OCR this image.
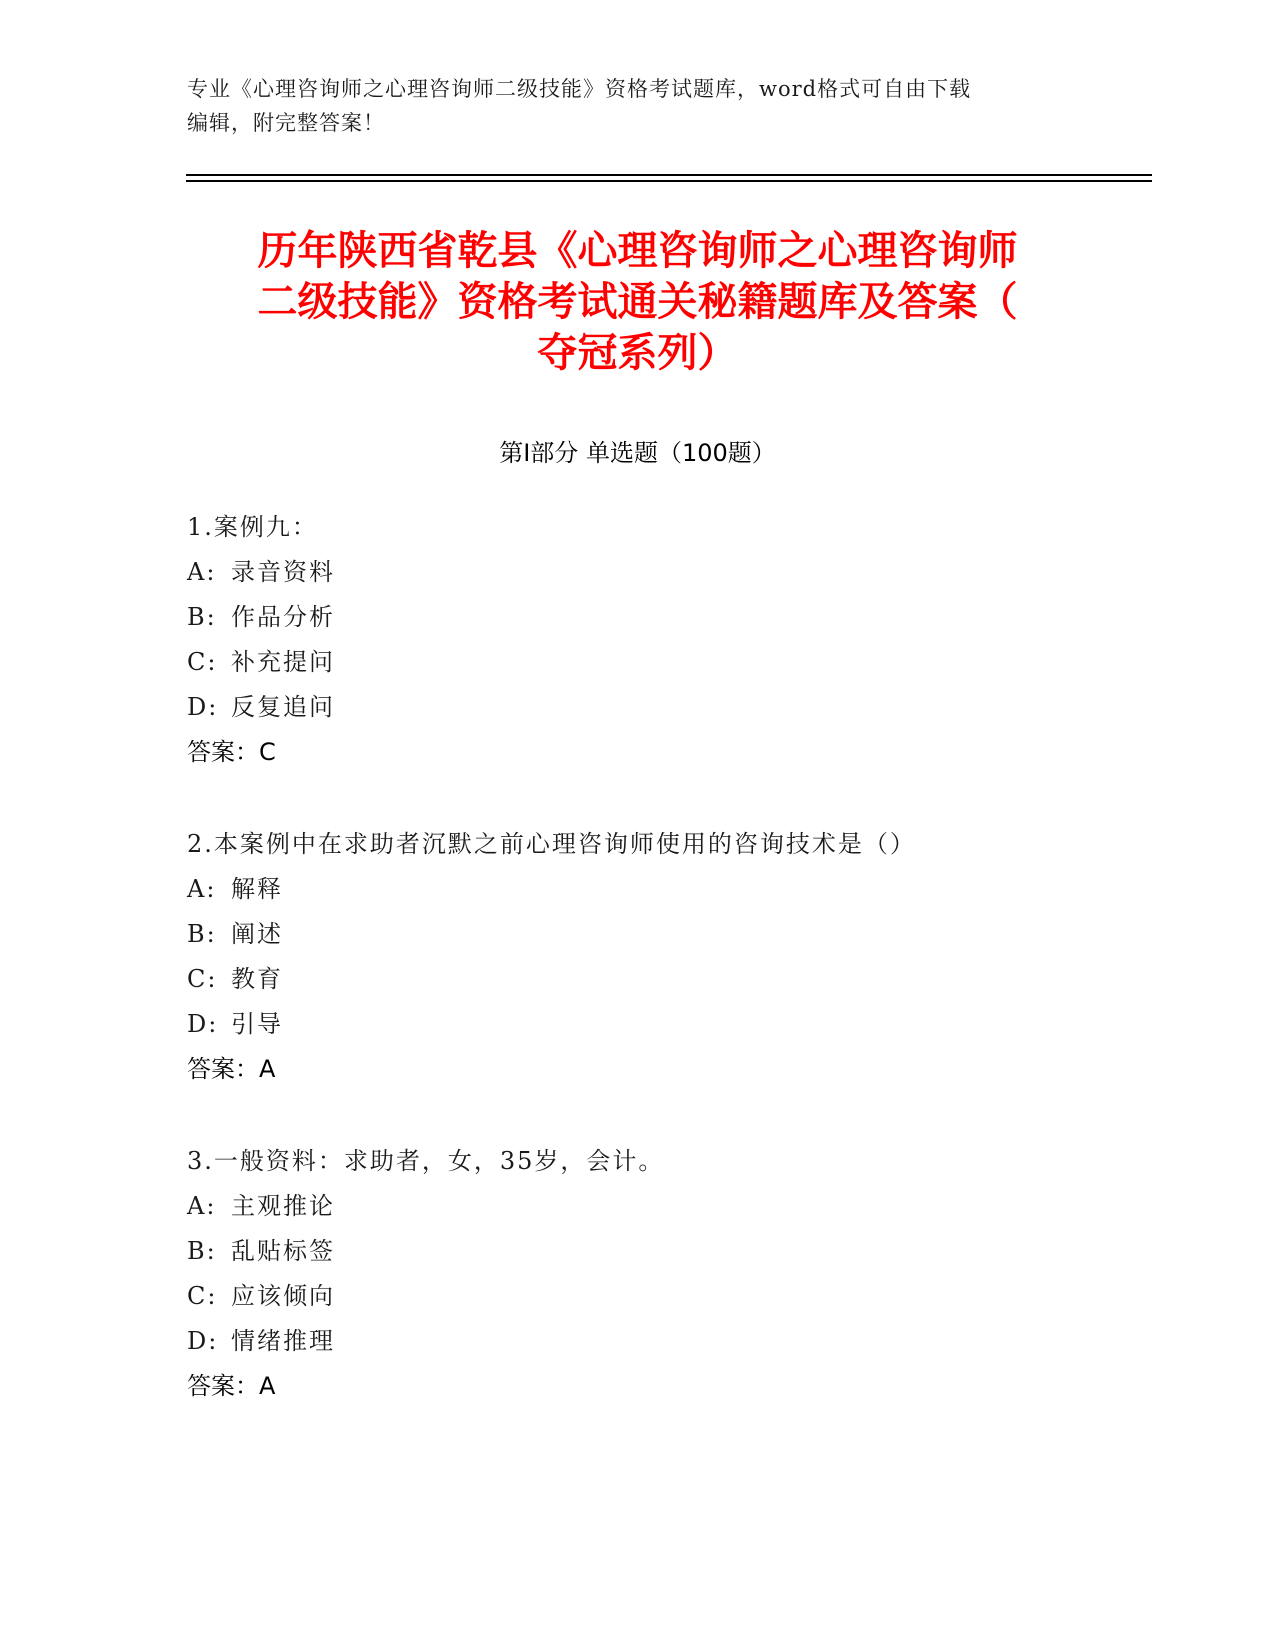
专业《心理咨询师之心理咨询师二级技能》资格考试题库，word格式可自由下载
编辑，附完整答案！
历年陕西省乾县《心理咨询师之心理咨询师
二级技能》资格考试通关秘籍题库及答案（
夺冠系列）
第Ⅰ部分 单选题（100题）
1.案例九：
A: 录音资料
B: 作品分析
C: 补充提问
D: 反复追问
答案：C
2.本案例中在求助者沉默之前心理咨询师使用的咨询技术是（）
A: 解释
B: 阐述
C: 教育
D: 引导
答案：A
3.一般资料：求助者，女，35岁，会计。
A: 主观推论
B: 乱贴标签
C: 应该倾向
D: 情绪推理
答案：A
